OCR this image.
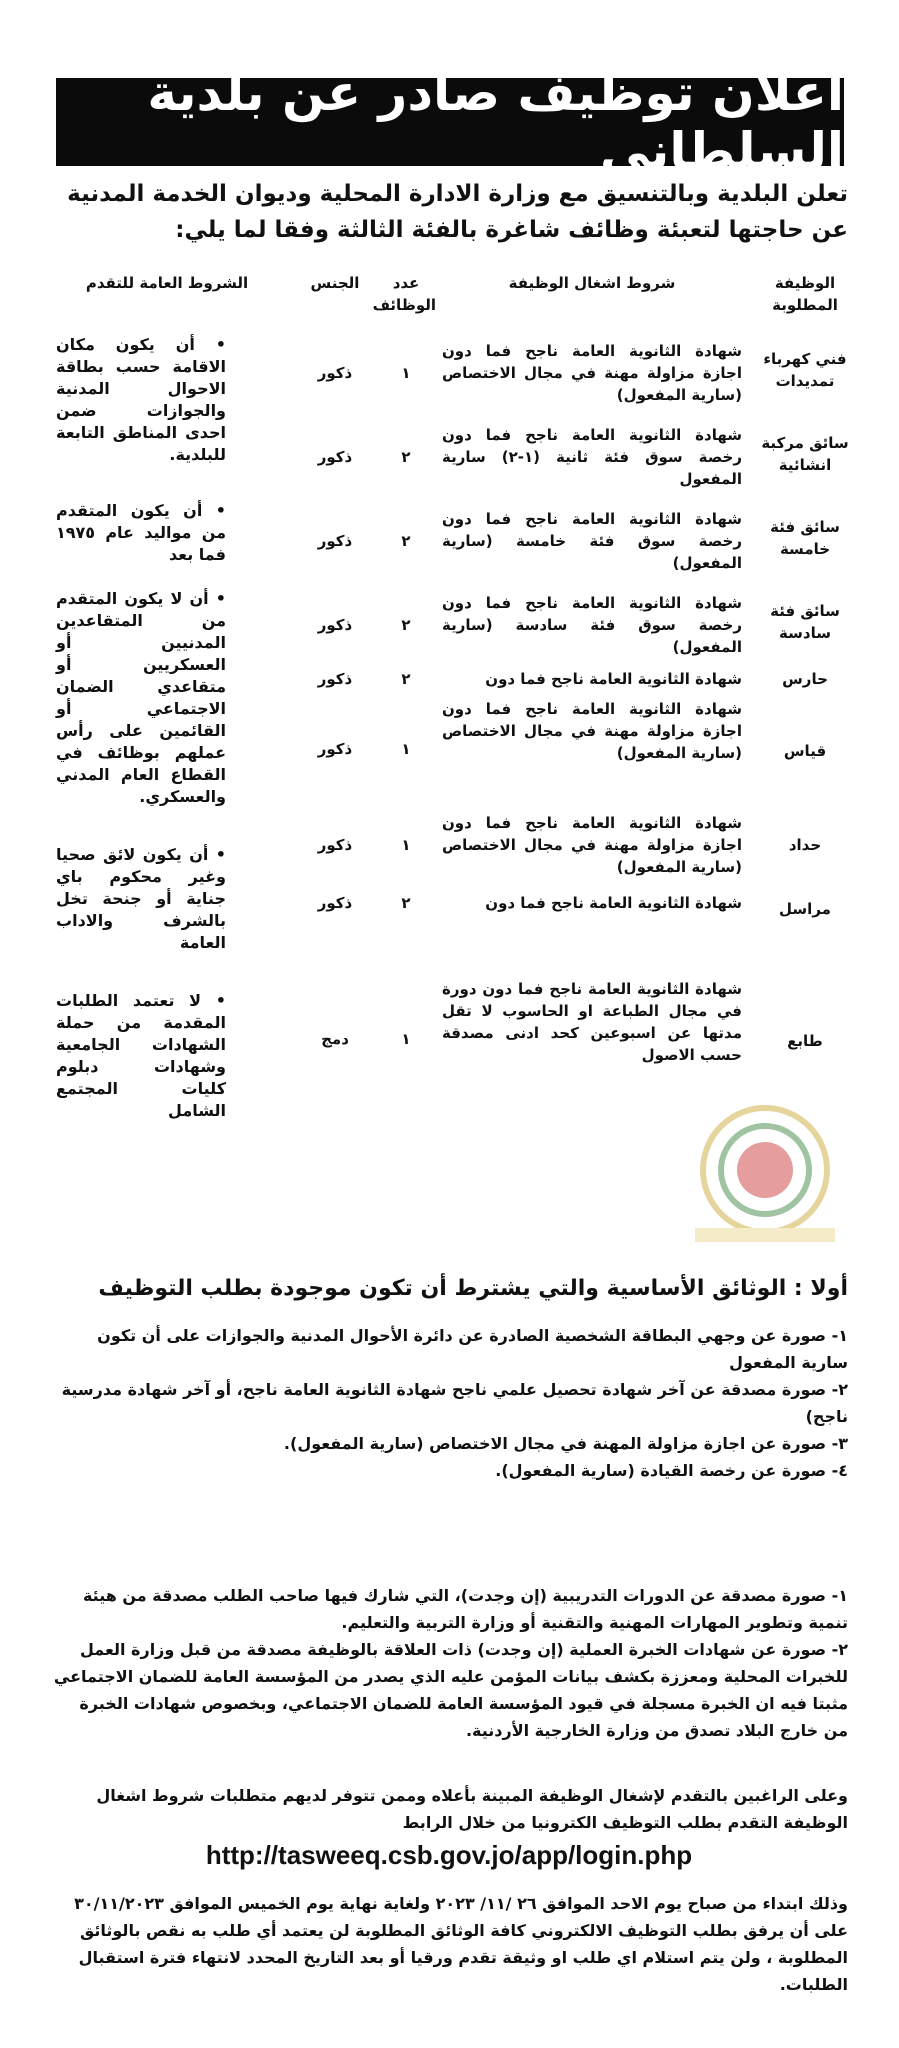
اعلان توظيف صادر عن بلدية السلطاني
تعلن البلدية وبالتنسيق مع وزارة الادارة المحلية وديوان الخدمة المدنية
عن حاجتها لتعبئة وظائف شاغرة بالفئة الثالثة وفقا لما يلي:
الوظيفة المطلوبة
شروط اشغال الوظيفة
عدد الوظائف
الجنس
الشروط العامة للتقدم
فني كهرباء تمديدات
شهادة الثانوية العامة ناجح فما دون اجازة مزاولة مهنة في مجال الاختصاص (سارية المفعول)
١
ذكور
سائق مركبة انشائية
شهادة الثانوية العامة ناجح فما دون رخصة سوق فئة ثانية (١-٢) سارية المفعول
٢
ذكور
سائق فئة خامسة
شهادة الثانوية العامة ناجح فما دون رخصة سوق فئة خامسة (سارية المفعول)
٢
ذكور
سائق فئة سادسة
شهادة الثانوية العامة ناجح فما دون رخصة سوق فئة سادسة (سارية المفعول)
٢
ذكور
حارس
شهادة الثانوية العامة ناجح فما دون
٢
ذكور
قياس
شهادة الثانوية العامة ناجح فما دون اجازة مزاولة مهنة في مجال الاختصاص (سارية المفعول)
١
ذكور
حداد
شهادة الثانوية العامة ناجح فما دون اجازة مزاولة مهنة في مجال الاختصاص (سارية المفعول)
١
ذكور
مراسل
شهادة الثانوية العامة ناجح فما دون
٢
ذكور
طابع
شهادة الثانوية العامة ناجح فما دون دورة في مجال الطباعة او الحاسوب لا تقل مدتها عن اسبوعين كحد ادنى مصدقة حسب الاصول
١
دمج
• أن يكون مكان الاقامة حسب بطاقة الاحوال المدنية والجوازات ضمن احدى المناطق التابعة للبلدية.
• أن يكون المتقدم من مواليد عام ١٩٧٥ فما بعد
• أن لا يكون المتقدم من المتقاعدين المدنيين أو العسكريين أو متقاعدي الضمان الاجتماعي أو القائمين على رأس عملهم بوظائف في القطاع العام المدني والعسكري.
• أن يكون لائق صحيا وغير محكوم باي جناية أو جنحة تخل بالشرف والاداب العامة
• لا تعتمد الطلبات المقدمة من حملة الشهادات الجامعية وشهادات دبلوم كليات المجتمع الشامل
أولا : الوثائق الأساسية والتي يشترط أن تكون موجودة بطلب التوظيف
١- صورة عن وجهي البطاقة الشخصية الصادرة عن دائرة الأحوال المدنية والجوازات على أن تكون سارية المفعول
٢- صورة مصدقة عن آخر شهادة تحصيل علمي ناجح شهادة الثانوية العامة ناجح، أو آخر شهادة مدرسية ناجح)
٣- صورة عن اجازة مزاولة المهنة في مجال الاختصاص (سارية المفعول).
٤- صورة عن رخصة القيادة (سارية المفعول).
١- صورة مصدقة عن الدورات التدريبية (إن وجدت)، التي شارك فيها صاحب الطلب مصدقة من هيئة تنمية وتطوير المهارات المهنية والتقنية أو وزارة التربية والتعليم.
٢- صورة عن شهادات الخبرة العملية (إن وجدت) ذات العلاقة بالوظيفة مصدقة من قبل وزارة العمل للخبرات المحلية ومعززة بكشف بيانات المؤمن عليه الذي يصدر من المؤسسة العامة للضمان الاجتماعي مثبتا فيه ان الخبرة مسجلة في قيود المؤسسة العامة للضمان الاجتماعي، وبخصوص شهادات الخبرة من خارج البلاد تصدق من وزارة الخارجية الأردنية.
وعلى الراغبين بالتقدم لإشغال الوظيفة المبينة بأعلاه وممن تتوفر لديهم متطلبات شروط اشغال الوظيفة التقدم بطلب التوظيف الكترونيا من خلال الرابط
http://tasweeq.csb.gov.jo/app/login.php
وذلك ابتداء من صباح يوم الاحد الموافق ٢٦ /١١/ ٢٠٢٣ ولغاية نهاية يوم الخميس الموافق ٣٠/١١/٢٠٢٣ على أن يرفق بطلب التوظيف الالكتروني كافة الوثائق المطلوبة لن يعتمد أي طلب به نقص بالوثائق المطلوبة ، ولن يتم استلام اي طلب او وثيقة تقدم ورقيا أو بعد التاريخ المحدد لانتهاء فترة استقبال الطلبات.
